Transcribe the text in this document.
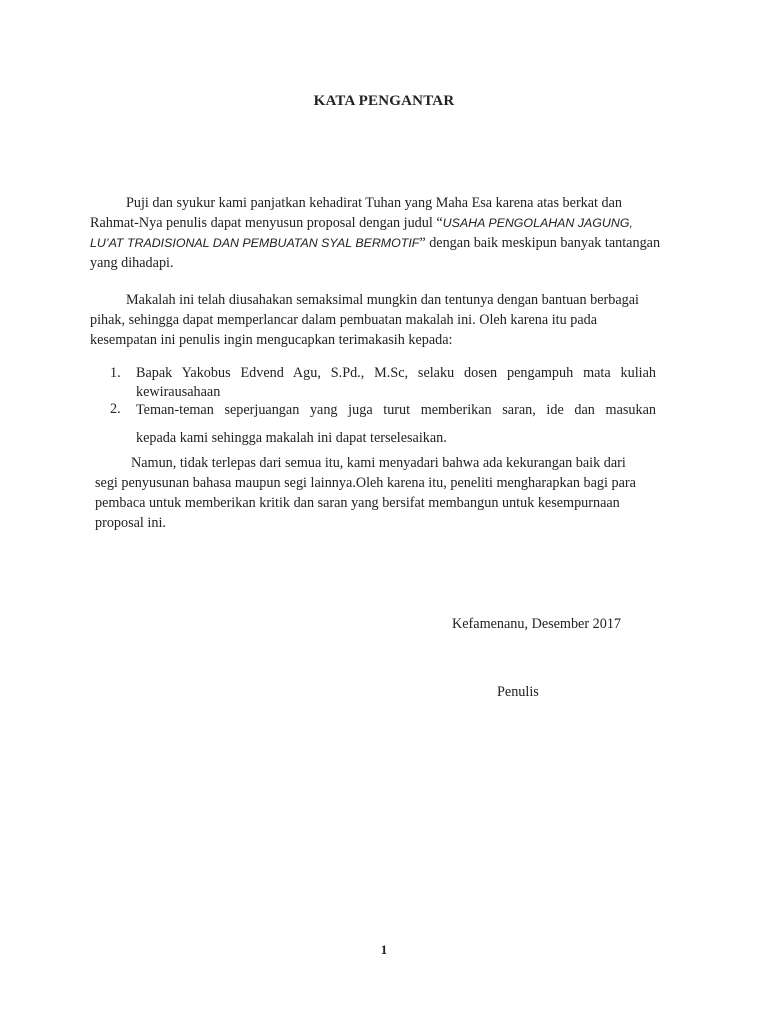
KATA PENGANTAR
Puji dan syukur kami panjatkan kehadirat Tuhan yang Maha Esa karena atas berkat dan
Rahmat-Nya penulis dapat menyusun proposal dengan judul “USAHA PENGOLAHAN JAGUNG,
LU’AT TRADISIONAL DAN PEMBUATAN SYAL BERMOTIF” dengan baik meskipun banyak tantangan
yang dihadapi.
Makalah ini telah diusahakan semaksimal mungkin dan tentunya dengan bantuan berbagai
pihak, sehingga dapat memperlancar dalam pembuatan makalah ini. Oleh karena itu pada
kesempatan ini penulis ingin mengucapkan terimakasih kepada:
1. Bapak Yakobus Edvend Agu, S.Pd., M.Sc, selaku dosen pengampuh mata kuliah
kewirausahaan
2. Teman-teman seperjuangan yang juga turut memberikan saran, ide dan masukan
kepada kami sehingga makalah ini dapat terselesaikan.
Namun, tidak terlepas dari semua itu, kami menyadari bahwa ada kekurangan baik dari
segi penyusunan bahasa maupun segi lainnya.Oleh karena itu, peneliti mengharapkan bagi para
pembaca untuk memberikan kritik dan saran yang bersifat membangun untuk kesempurnaan
proposal ini.
Kefamenanu, Desember 2017
Penulis
1
